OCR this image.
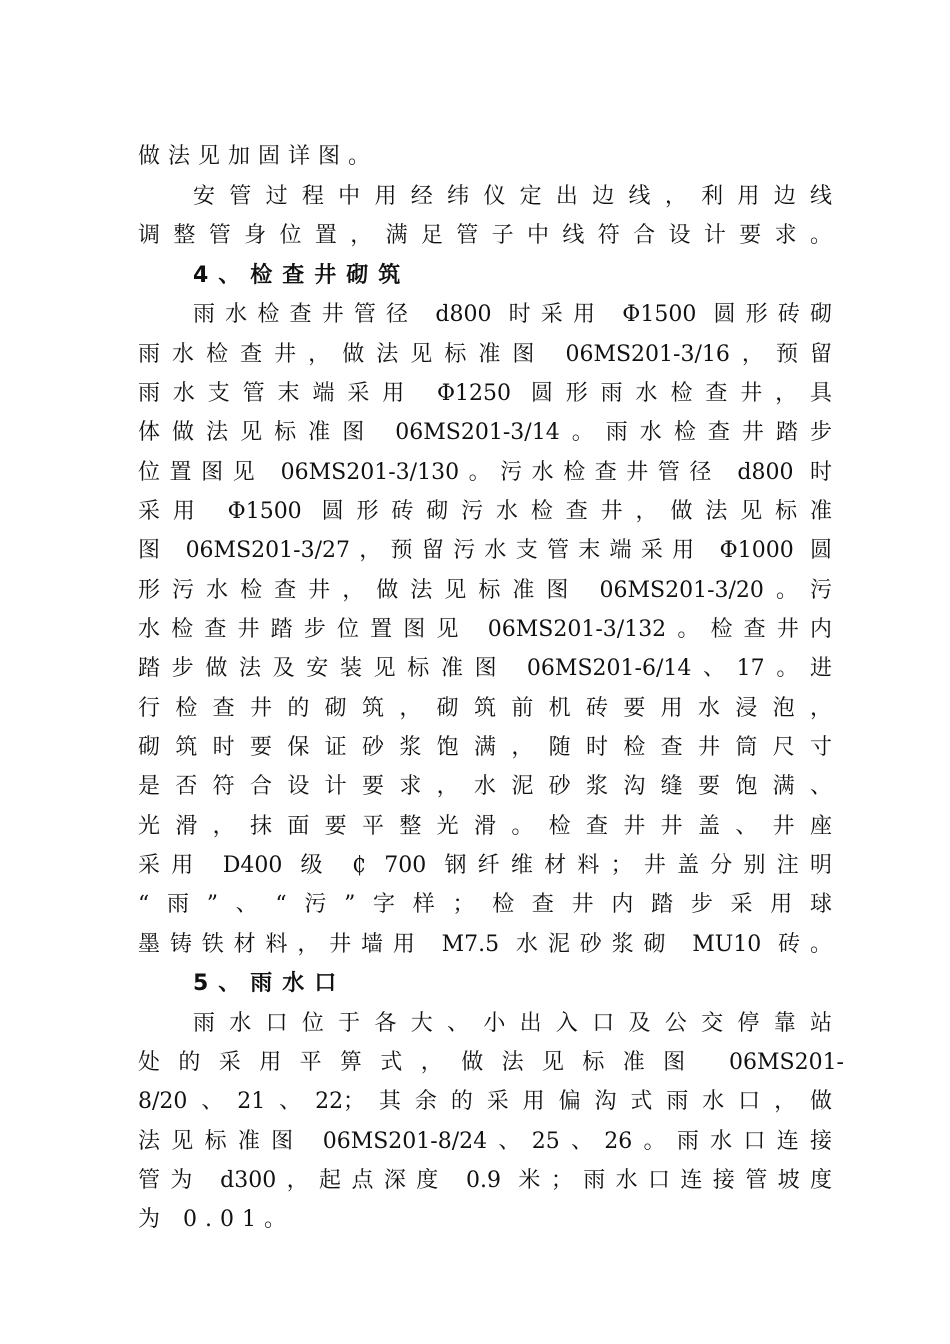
做法见加固详图。
安管过程中用经纬仪定出边线，利用边线
调整管身位置，满足管子中线符合设计要求。
雨水检查井管径 d800 时采用 Φ1500 圆形砖砌
雨水检查井，做法见标准图 06MS201-3/16，预留
雨水支管末端采用 Φ1250 圆形雨水检查井，具
体做法见标准图 06MS201-3/14。雨水检查井踏步
位置图见 06MS201-3/130。污水检查井管径 d800 时
采用 Φ1500 圆形砖砌污水检查井，做法见标准
图 06MS201-3/27，预留污水支管末端采用 Φ1000 圆
形污水检查井，做法见标准图 06MS201-3/20。污
水检查井踏步位置图见 06MS201-3/132。检查井内
踏步做法及安装见标准图 06MS201-6/14、17。进
行检查井的砌筑，砌筑前机砖要用水浸泡，
砌筑时要保证砂浆饱满，随时检查井筒尺寸
是否符合设计要求，水泥砂浆沟缝要饱满、
光滑，抹面要平整光滑。检查井井盖、井座
采用 D400 级 ₵ 700 钢纤维材料；井盖分别注明
“雨”、“污”字样；检查井内踏步采用球
墨铸铁材料，井墙用 M7.5 水泥砂浆砌 MU10 砖。
雨水口位于各大、小出入口及公交停靠站
处的采用平箅式，做法见标准图 06MS201-
8/20、21、22；其余的采用偏沟式雨水口，做
法见标准图 06MS201-8/24、25、26。雨水口连接
管为 d300，起点深度 0.9 米；雨水口连接管坡度
为 0.01。
4、检查井砌筑
5、雨水口
